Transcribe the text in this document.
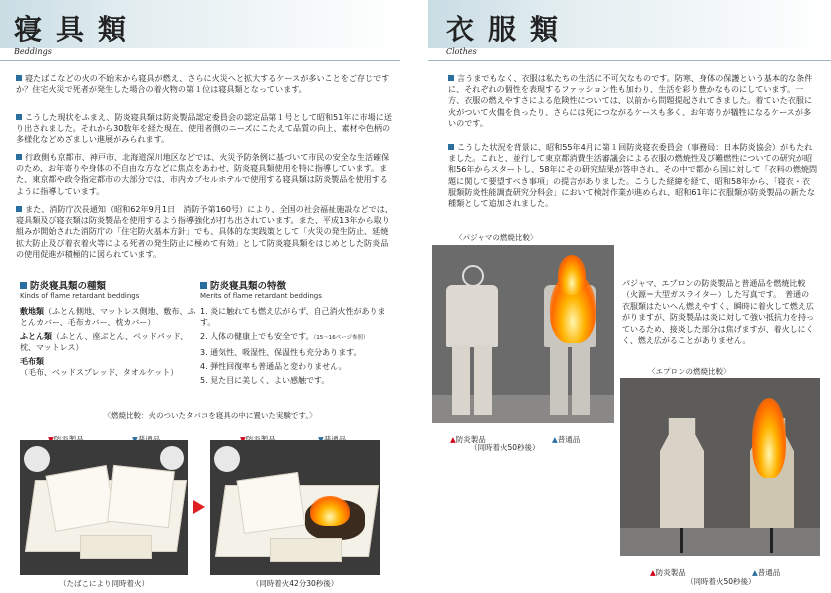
寝具類
Beddings
寝たばこなどの火の不始末から寝具が燃え、さらに火災へと拡大するケースが多いことをご存じですか？住宅火災で死者が発生した場合の着火物の第１位は寝具類となっています。
こうした現状をふまえ、防炎寝具類は防炎製品認定委員会の認定品第１号として昭和51年に市場に送り出されました。それから30数年を経た現在、使用者側のニーズにこたえて品質の向上、素材や色柄の多様化などめざましい進展がみられます。
行政側も京都市、神戸市、北海道深川地区などでは、火災予防条例に基づいて市民の安全な生活確保のため、お年寄りや身体の不自由な方などに焦点をあわせ、防炎寝具類使用を特に指導しています。また、東京都や政令指定都市の大部分では、市内カプセルホテルで使用する寝具類は防炎製品を使用するように指導しています。
また、消防庁次長通知（昭和62年9月1日　消防予第160号）により、全国の社会福祉施設などでは、寝具類及び寝衣類は防炎製品を使用するよう指導強化が打ち出されています。また、平成13年から取り組みが開始された消防庁の「住宅防火基本方針」でも、具体的な実践策として「火災の発生防止、延焼拡大防止及び着衣着火等による死者の発生防止に極めて有効」として防炎寝具類をはじめとした防炎品の使用促進が積極的に図られています。
防炎寝具類の種類
Kinds of flame retardant beddings
敷地類（ふとん側地、マットレス側地、敷布、ふとんカバー、毛布カバー、枕カバー）
ふとん類（ふとん、座ぶとん、ベッドパッド、枕、マットレス）
毛布類（毛布、ベッドスプレッド、タオルケット）
防炎寝具類の特徴
Merits of flame retardant beddings
1. 炎に触れても燃え広がらず、自己消火性があります。
2. 人体の健康上でも安全です。（15～16ページ参照）
3. 通気性、吸湿性、保温性も充分あります。
4. 弾性回復率も普通品と変わりません。
5. 見た目に美しく、よい感触です。
〈燃焼比較：火のついたタバコを寝具の中に置いた実験です。〉
（たばこにより同時着火）	（同時着火42分30秒後）
衣服類
Clothes
言うまでもなく、衣服は私たちの生活に不可欠なものです。防寒、身体の保護という基本的な条件に、それぞれの個性を表現するファッション性も加わり、生活を彩り豊かなものにしています。一方、衣服の燃えやすさによる危険性については、以前から問題提起されてきました。着ていた衣服に火がついて火傷を負ったり、さらには死につながるケースも多く、お年寄りが犠牲になるケースが多いのです。
こうした状況を背景に、昭和55年4月に第１回防炎寝衣委員会（事務局：日本防炎協会）がもたれました。これと、並行して東京都消費生活審議会による衣服の燃焼性及び難燃性についての研究が昭和56年からスタートし、58年にその研究結果が答申され、その中で都から国に対して「衣料の燃焼問題に関して要望すべき事項」の提言がありました。こうした経緯を経て、昭和58年から、「寝衣・衣服類防炎性能調査研究分科会」において検討作業が進められ、昭和61年に衣服類が防炎製品の新たな種類として追加されました。
〈パジャマの燃焼比較〉
▲防炎製品	▲普通品
（同時着火50秒後）
パジャマ、エプロンの防炎製品と普通品を燃焼比較（火源＝大型ガスライター）した写真です。　普通の衣服類はたいへん燃えやすく、瞬時に着火して燃え広がりますが、防炎製品は炎に対して強い抵抗力を持っているため、接炎した部分は焦げますが、着火しにくく、燃え広がることがありません。
〈エプロンの燃焼比較〉
▲防炎製品	▲普通品
（同時着火50秒後）
